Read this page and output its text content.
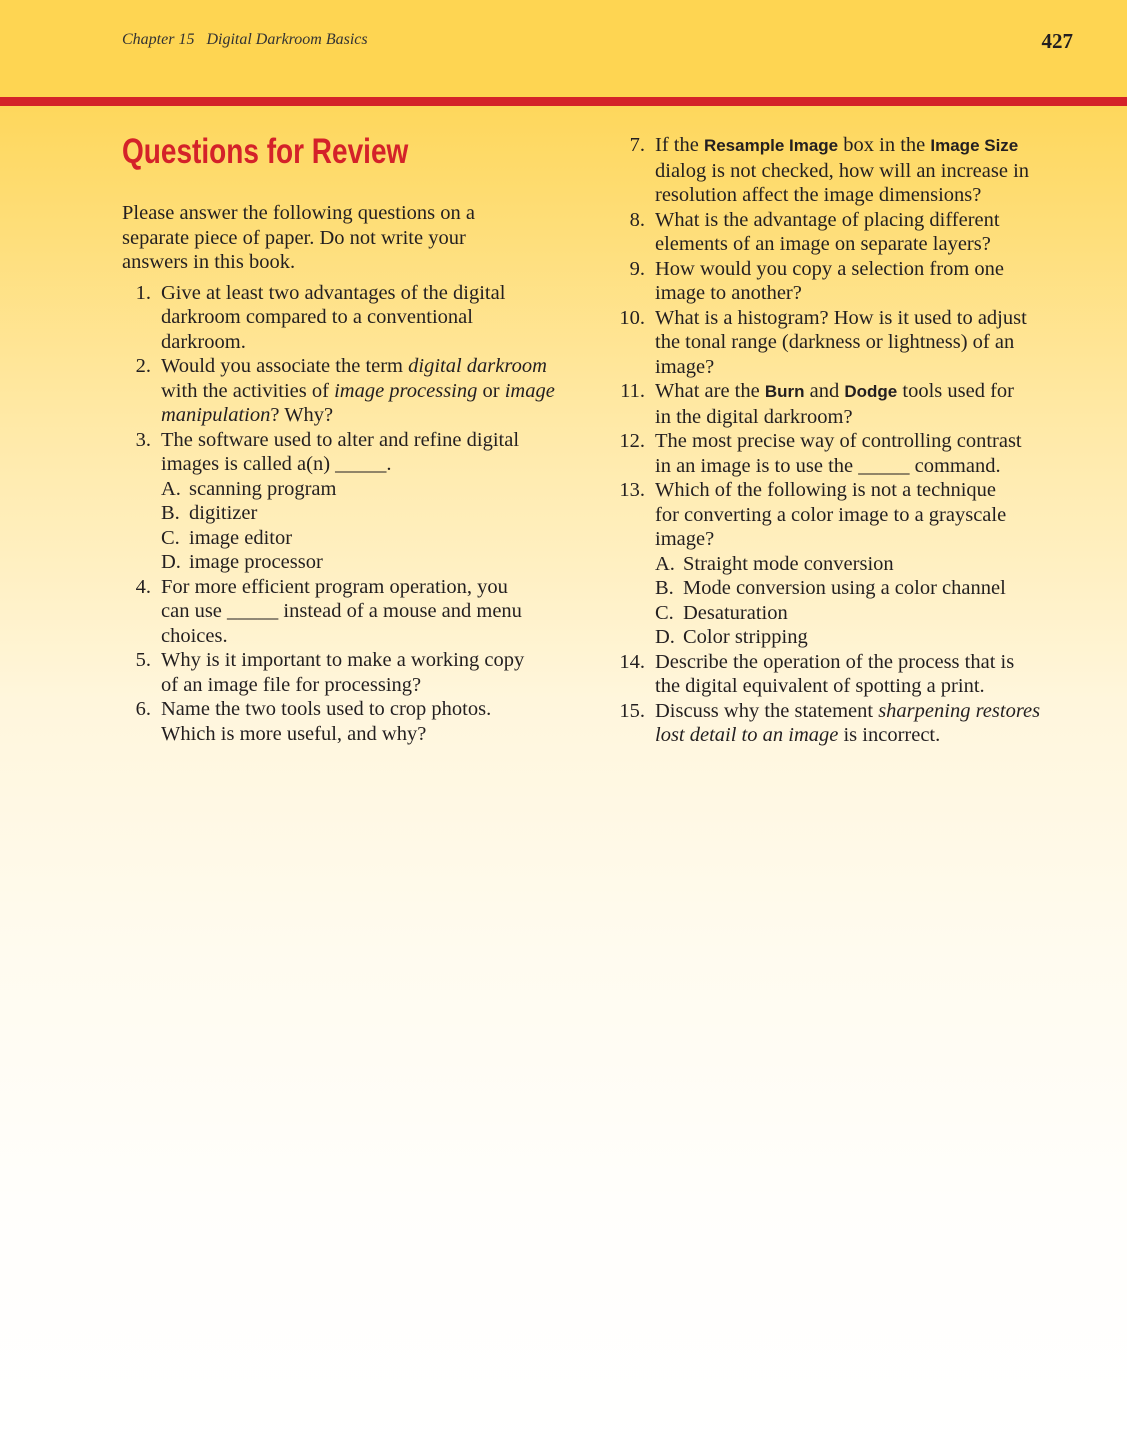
Chapter 15 Digital Darkroom Basics	427
Questions for Review
Please answer the following questions on a
separate piece of paper. Do not write your
answers in this book.
1. Give at least two advantages of the digital
darkroom compared to a conventional
darkroom.
2. Would you associate the term digital darkroom
with the activities of image processing or image
manipulation? Why?
3. The software used to alter and refine digital
images is called a(n) _____.
A. scanning program
B. digitizer
C. image editor
D. image processor
4. For more efficient program operation, you
can use _____ instead of a mouse and menu
choices.
5. Why is it important to make a working copy
of an image file for processing?
6. Name the two tools used to crop photos.
Which is more useful, and why?
7. If the Resample Image box in the Image Size
dialog is not checked, how will an increase in
resolution affect the image dimensions?
8. What is the advantage of placing different
elements of an image on separate layers?
9. How would you copy a selection from one
image to another?
10. What is a histogram? How is it used to adjust
the tonal range (darkness or lightness) of an
image?
11. What are the Burn and Dodge tools used for
in the digital darkroom?
12. The most precise way of controlling contrast
in an image is to use the _____ command.
13. Which of the following is not a technique
for converting a color image to a grayscale
image?
A. Straight mode conversion
B. Mode conversion using a color channel
C. Desaturation
D. Color stripping
14. Describe the operation of the process that is
the digital equivalent of spotting a print.
15. Discuss why the statement sharpening restores
lost detail to an image is incorrect.
